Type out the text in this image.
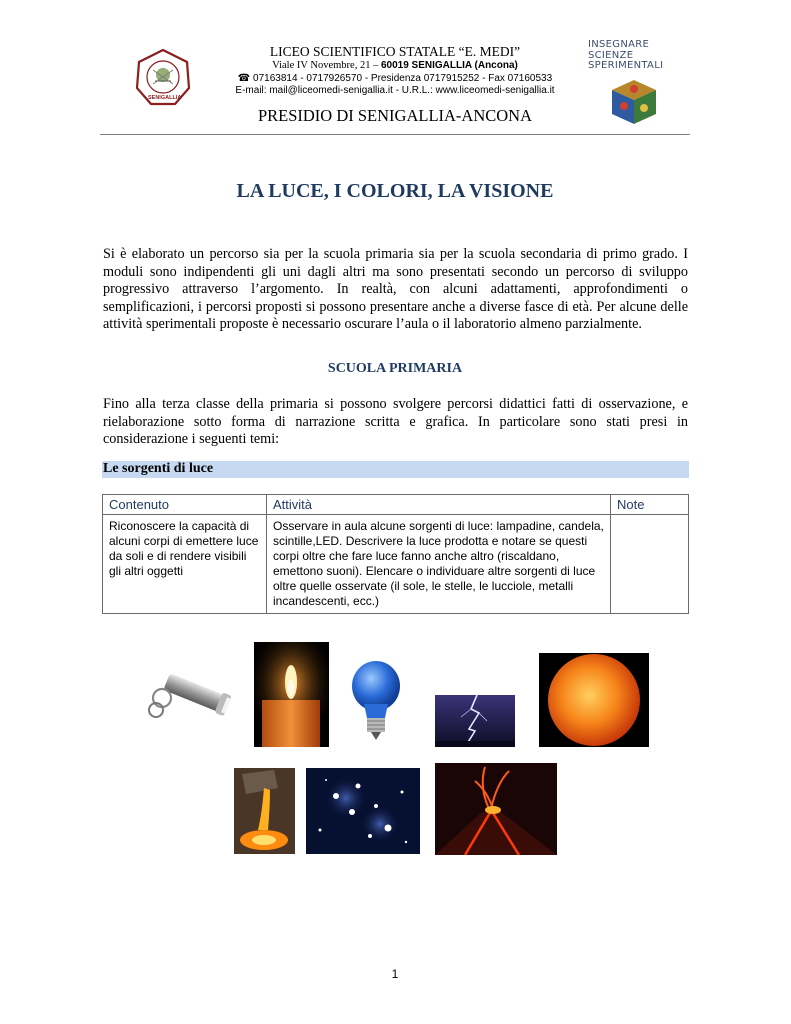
SENIGALLIA
LICEO SCIENTIFICO STATALE “E. MEDI”
Viale IV Novembre, 21 – 60019 SENIGALLIA (Ancona)
☎ 07163814 - 0717926570 - Presidenza 0717915252 - Fax 07160533
E-mail: mail@liceomedi-senigallia.it - U.R.L.: www.liceomedi-senigallia.it
INSEGNARE
SCIENZE
SPERIMENTALI
PRESIDIO DI SENIGALLIA-ANCONA
LA LUCE, I COLORI, LA VISIONE
Si è elaborato un percorso sia per la scuola primaria sia per la scuola secondaria di primo grado. I moduli sono indipendenti gli uni dagli altri ma sono presentati secondo un percorso di sviluppo progressivo attraverso l’argomento. In realtà, con alcuni adattamenti, approfondimenti o semplificazioni, i percorsi proposti si possono presentare anche a diverse fasce di età. Per alcune delle attività sperimentali proposte è necessario oscurare l’aula o il laboratorio almeno parzialmente.
SCUOLA PRIMARIA
Fino alla terza classe della primaria si possono svolgere percorsi didattici fatti di osservazione, e rielaborazione sotto forma di narrazione scritta e grafica. In particolare sono stati presi in considerazione i seguenti temi:
Le sorgenti di luce
Contenuto	Attività	Note
Riconoscere la capacità di alcuni corpi di emettere luce da soli e di rendere visibili gli altri oggetti	Osservare in aula alcune sorgenti di luce: lampadine, candela, scintille,LED. Descrivere la luce prodotta e notare se questi corpi oltre che fare luce fanno anche altro (riscaldano, emettono suoni). Elencare o individuare altre sorgenti di luce oltre quelle osservate (il sole, le stelle, le lucciole, metalli incandescenti, ecc.)	
1
